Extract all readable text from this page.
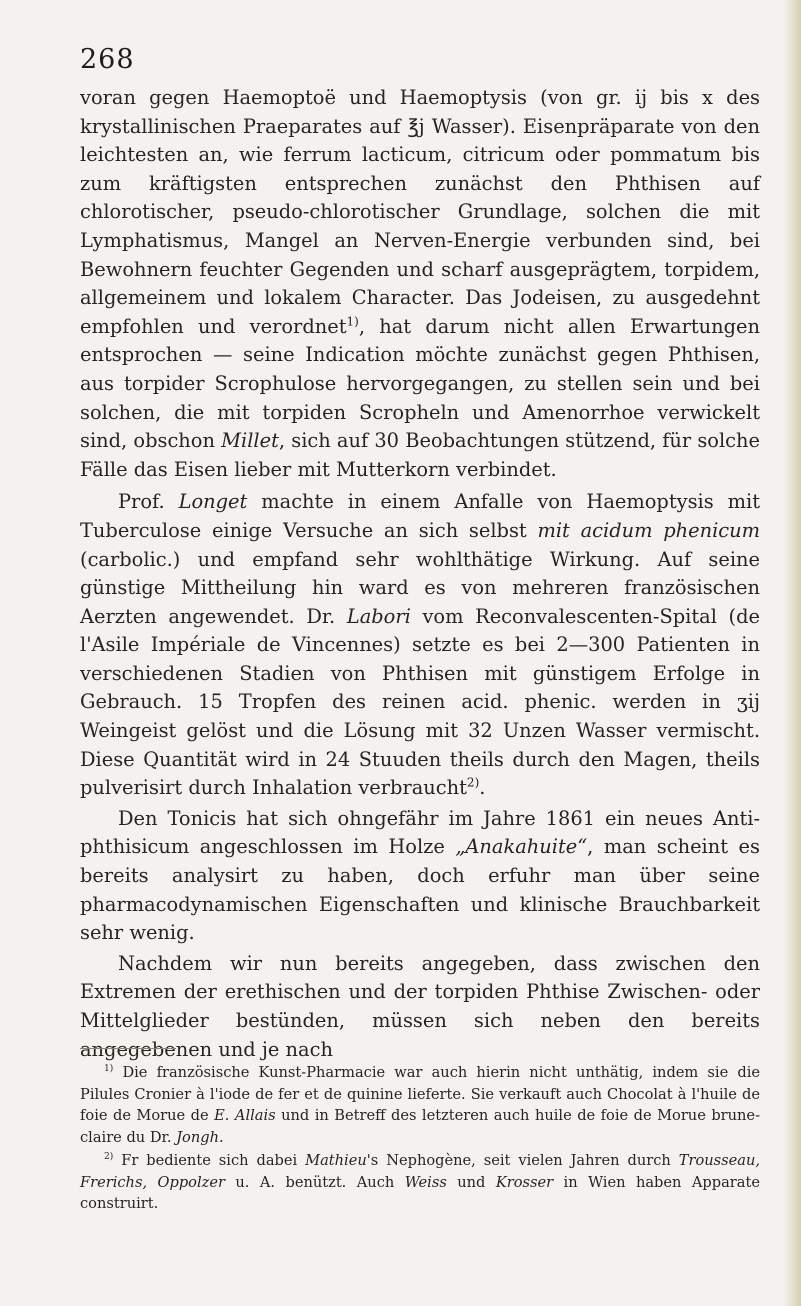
268

voran gegen Haemoptoë und Haemoptysis (von gr. ij bis x des krystallinischen Praeparates auf ℥j Wasser). Eisenpräparate von den leichtesten an, wie ferrum lacticum, citricum oder pommatum bis zum kräftigsten entsprechen zunächst den Phthisen auf chlorotischer, pseudo-chlorotischer Grundlage, solchen die mit Lymphatismus, Mangel an Nerven-Energie verbunden sind, bei Bewohnern feuchter Gegenden und scharf ausgeprägtem, torpidem, allgemeinem und lokalem Character. Das Jodeisen, zu ausgedehnt empfohlen und verordnet$^{1)}$, hat darum nicht allen Erwartungen entsprochen — seine Indication möchte zunächst gegen Phthisen, aus torpider Scrophulose hervorgegangen, zu stellen sein und bei solchen, die mit torpiden Scropheln und Amenorrhoe verwickelt sind, obschon Millet, sich auf 30 Beobachtungen stützend, für solche Fälle das Eisen lieber mit Mutterkorn verbindet.

Prof. Longet machte in einem Anfalle von Haemoptysis mit Tuberculose einige Versuche an sich selbst mit acidum phenicum (carbolic.) und empfand sehr wohlthätige Wirkung. Auf seine günstige Mittheilung hin ward es von mehreren französischen Aerzten angewendet. Dr. Labori vom Reconvalescenten-Spital (de l'Asile Impériale de Vincennes) setzte es bei 2—300 Patienten in verschiedenen Stadien von Phthisen mit günstigem Erfolge in Gebrauch. 15 Tropfen des reinen acid. phenic. werden in ʒij Weingeist gelöst und die Lösung mit 32 Unzen Wasser vermischt. Diese Quantität wird in 24 Stuuden theils durch den Magen, theils pulverisirt durch Inhalation verbraucht$^{2)}$.

Den Tonicis hat sich ohngefähr im Jahre 1861 ein neues Anti-phthisicum angeschlossen im Holze „Anakahuite“, man scheint es bereits analysirt zu haben, doch erfuhr man über seine pharmacodynamischen Eigenschaften und klinische Brauchbarkeit sehr wenig.

Nachdem wir nun bereits angegeben, dass zwischen den Extremen der erethischen und der torpiden Phthise Zwischen- oder Mittelglieder bestünden, müssen sich neben den bereits angegebenen und je nach

$^{1)}$ Die französische Kunst-Pharmacie war auch hierin nicht unthätig, indem sie die Pilules Cronier à l'iode de fer et de quinine lieferte. Sie verkauft auch Chocolat à l'huile de foie de Morue de E. Allais und in Betreff des letzteren auch huile de foie de Morue brune-claire du Dr. Jongh.

$^{2)}$ Fr bediente sich dabei Mathieu's Nephogène, seit vielen Jahren durch Trousseau, Frerichs, Oppolzer u. A. benützt. Auch Weiss und Krosser in Wien haben Apparate construirt.
